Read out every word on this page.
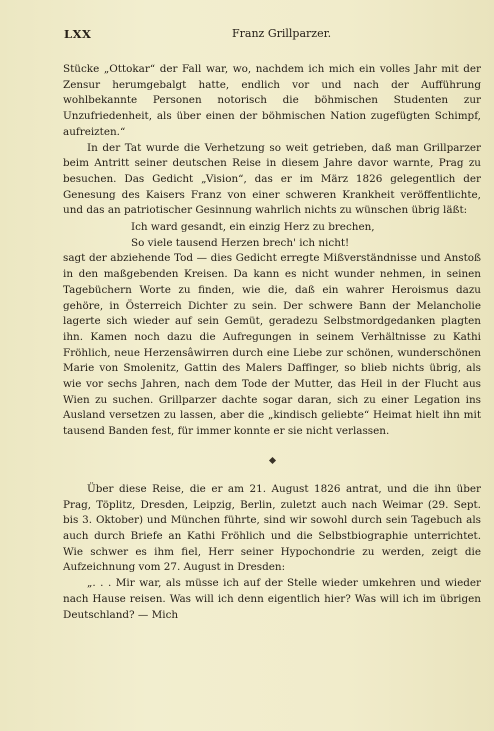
LXX	Franz Grillparzer.

Stücke „Ottokar“ der Fall war, wo, nachdem ich mich ein volles Jahr mit der Zensur herumgebalgt hatte, endlich vor und nach der Aufführung wohlbekannte Personen notorisch die böhmischen Studenten zur Unzufriedenheit, als über einen der böhmischen Nation zugefügten Schimpf, aufreizten.“

In der Tat wurde die Verhetzung so weit getrieben, daß man Grillparzer beim Antritt seiner deutschen Reise in diesem Jahre davor warnte, Prag zu besuchen. Das Gedicht „Vision“, das er im März 1826 gelegentlich der Genesung des Kaisers Franz von einer schweren Krankheit veröffentlichte, und das an patriotischer Gesinnung wahrlich nichts zu wünschen übrig läßt:

Ich ward gesandt, ein einzig Herz zu brechen,
So viele tausend Herzen brech' ich nicht!

sagt der abziehende Tod — dies Gedicht erregte Mißverständnisse und Anstoß in den maßgebenden Kreisen. Da kann es nicht wunder nehmen, in seinen Tagebüchern Worte zu finden, wie die, daß ein wahrer Heroismus dazu gehöre, in Österreich Dichter zu sein. Der schwere Bann der Melancholie lagerte sich wieder auf sein Gemüt, geradezu Selbstmordgedanken plagten ihn. Kamen noch dazu die Aufregungen in seinem Verhältnisse zu Kathi Fröhlich, neue Herzensâwirren durch eine Liebe zur schönen, wunderschönen Marie von Smolenitz, Gattin des Malers Daffinger, so blieb nichts übrig, als wie vor sechs Jahren, nach dem Tode der Mutter, das Heil in der Flucht aus Wien zu suchen. Grillparzer dachte sogar daran, sich zu einer Legation ins Ausland versetzen zu lassen, aber die „kindisch geliebte“ Heimat hielt ihn mit tausend Banden fest, für immer konnte er sie nicht verlassen.

Über diese Reise, die er am 21. August 1826 antrat, und die ihn über Prag, Töplitz, Dresden, Leipzig, Berlin, zuletzt auch nach Weimar (29. Sept. bis 3. Oktober) und München führte, sind wir sowohl durch sein Tagebuch als auch durch Briefe an Kathi Fröhlich und die Selbstbiographie unterrichtet. Wie schwer es ihm fiel, Herr seiner Hypochondrie zu werden, zeigt die Aufzeichnung vom 27. August in Dresden:

„. . . Mir war, als müsse ich auf der Stelle wieder umkehren und wieder nach Hause reisen. Was will ich denn eigentlich hier? Was will ich im übrigen Deutschland? — Mich
